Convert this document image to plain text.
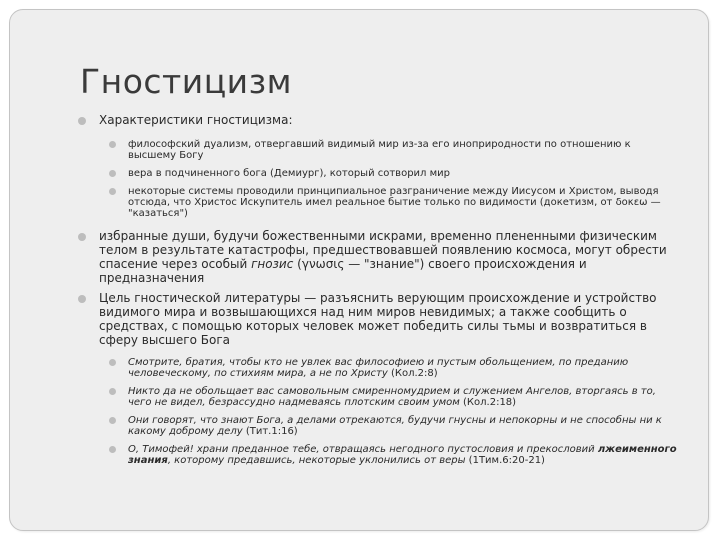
Гностицизм
Характеристики гностицизма:
философский дуализм, отвергавший видимый мир из-за его иноприродности по отношению к высшему Богу
вера в подчиненного бога (Демиург), который сотворил мир
некоторые системы проводили принципиальное разграничение между Иисусом и Христом, выводя отсюда, что Христос Искупитель имел реальное бытие только по видимости (докетизм, от δοκεω — "казаться")
избранные души, будучи божественными искрами, временно плененными физическим телом в результате катастрофы, предшествовавшей появлению космоса, могут обрести спасение через особый гнозис (γνωσις — "знание") своего происхождения и предназначения
Цель гностической литературы — разъяснить верующим происхождение и устройство видимого мира и возвышающихся над ним миров невидимых; а также сообщить о средствах, с помощью которых человек может победить силы тьмы и возвратиться в сферу высшего Бога
Смотрите, братия, чтобы кто не увлек вас философиею и пустым обольщением, по преданию человеческому, по стихиям мира, а не по Христу (Кол.2:8)
Никто да не обольщает вас самовольным смиренномудрием и служением Ангелов, вторгаясь в то, чего не видел, безрассудно надмеваясь плотским своим умом (Кол.2:18)
Они говорят, что знают Бога, а делами отрекаются, будучи гнусны и непокорны и не способны ни к какому доброму делу (Тит.1:16)
О, Тимофей! храни преданное тебе, отвращаясь негодного пустословия и прекословий лжеименного знания, которому предавшись, некоторые уклонились от веры (1Тим.6:20-21)
